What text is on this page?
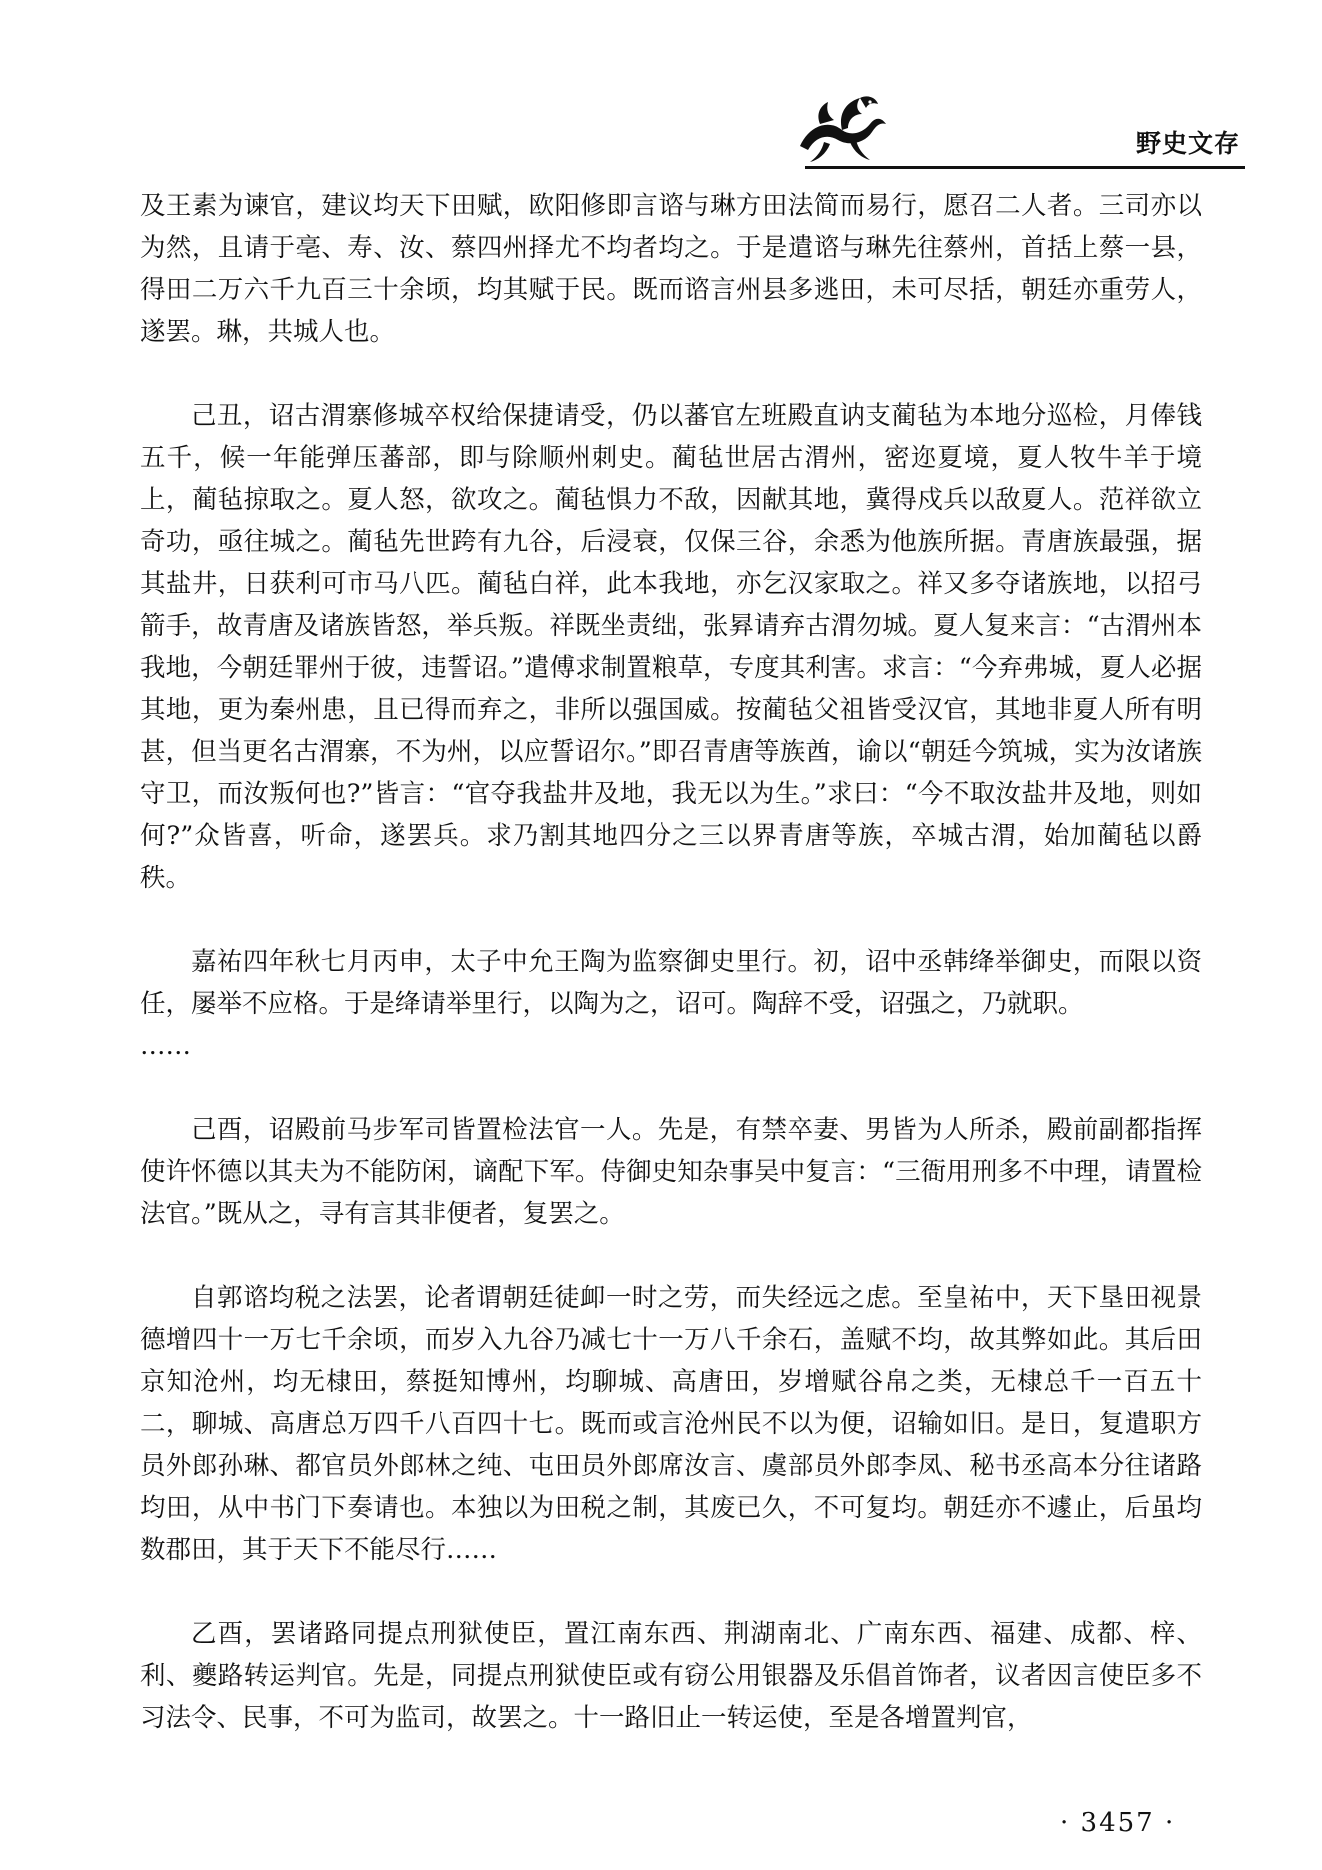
野史文存

及王素为谏官，建议均天下田赋，欧阳修即言谘与琳方田法简而易行，愿召二人者。三司亦以为然，且请于亳、寿、汝、蔡四州择尤不均者均之。于是遣谘与琳先往蔡州，首括上蔡一县，得田二万六千九百三十余顷，均其赋于民。既而谘言州县多逃田，未可尽括，朝廷亦重劳人，遂罢。琳，共城人也。

己丑，诏古渭寨修城卒权给保捷请受，仍以蕃官左班殿直讷支蔺毡为本地分巡检，月俸钱五千，候一年能弹压蕃部，即与除顺州刺史。蔺毡世居古渭州，密迩夏境，夏人牧牛羊于境上，蔺毡掠取之。夏人怒，欲攻之。蔺毡惧力不敌，因献其地，冀得戍兵以敌夏人。范祥欲立奇功，亟往城之。蔺毡先世跨有九谷，后浸衰，仅保三谷，余悉为他族所据。青唐族最强，据其盐井，日获利可市马八匹。蔺毡白祥，此本我地，亦乞汉家取之。祥又多夺诸族地，以招弓箭手，故青唐及诸族皆怒，举兵叛。祥既坐责绌，张昪请弃古渭勿城。夏人复来言：“古渭州本我地，今朝廷罪州于彼，违誓诏。”遣傅求制置粮草，专度其利害。求言：“今弃弗城，夏人必据其地，更为秦州患，且已得而弃之，非所以强国威。按蔺毡父祖皆受汉官，其地非夏人所有明甚，但当更名古渭寨，不为州，以应誓诏尔。”即召青唐等族酋，谕以“朝廷今筑城，实为汝诸族守卫，而汝叛何也?”皆言：“官夺我盐井及地，我无以为生。”求曰：“今不取汝盐井及地，则如何?”众皆喜，听命，遂罢兵。求乃割其地四分之三以界青唐等族，卒城古渭，始加蔺毡以爵秩。

嘉祐四年秋七月丙申，太子中允王陶为监察御史里行。初，诏中丞韩绛举御史，而限以资任，屡举不应格。于是绛请举里行，以陶为之，诏可。陶辞不受，诏强之，乃就职。

……

己酉，诏殿前马步军司皆置检法官一人。先是，有禁卒妻、男皆为人所杀，殿前副都指挥使许怀德以其夫为不能防闲，谪配下军。侍御史知杂事吴中复言：“三衙用刑多不中理，请置检法官。”既从之，寻有言其非便者，复罢之。

自郭谘均税之法罢，论者谓朝廷徒卹一时之劳，而失经远之虑。至皇祐中，天下垦田视景德增四十一万七千余顷，而岁入九谷乃减七十一万八千余石，盖赋不均，故其弊如此。其后田京知沧州，均无棣田，蔡挺知博州，均聊城、高唐田，岁增赋谷帛之类，无棣总千一百五十二，聊城、高唐总万四千八百四十七。既而或言沧州民不以为便，诏输如旧。是日，复遣职方员外郎孙琳、都官员外郎林之纯、屯田员外郎席汝言、虞部员外郎李凤、秘书丞高本分往诸路均田，从中书门下奏请也。本独以为田税之制，其废已久，不可复均。朝廷亦不遽止，后虽均数郡田，其于天下不能尽行……

乙酉，罢诸路同提点刑狱使臣，置江南东西、荆湖南北、广南东西、福建、成都、梓、利、夔路转运判官。先是，同提点刑狱使臣或有窃公用银器及乐倡首饰者，议者因言使臣多不习法令、民事，不可为监司，故罢之。十一路旧止一转运使，至是各增置判官，

· 3457 ·
